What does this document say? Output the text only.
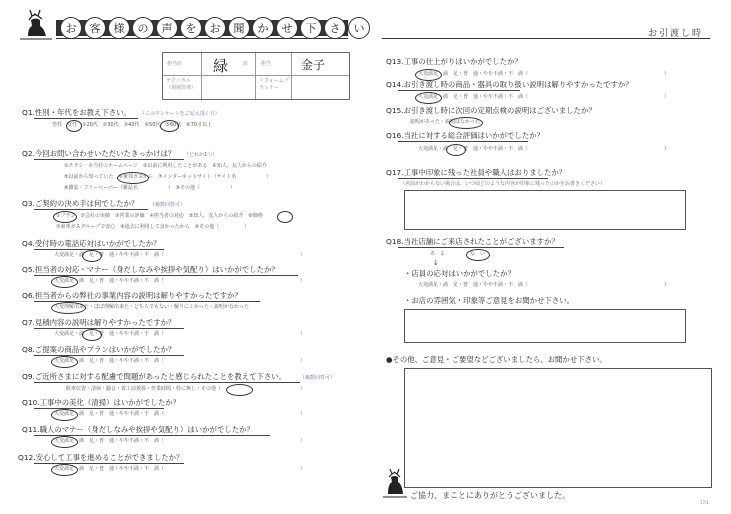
お	客	様	の	声	を	お	聞	か	せ	下	さ	い	お引渡し時
担当店 緑	店	担当 金子
テクニカル（現場管理）
リフォームプランナー
Q1.性別・年代をお教え下さい。 （このアンケートをご記入頂く方）
男性　女性　①20代　②30代　③40代　④50代　⑤60代　⑥70才以上
Q2.今回お問い合わせいただいたきっかけは？ （どれか1つ）
①チラシ　②当社のホームページ　③以前に利用したことがある　④知人、友人からの紹介
⑤以前から知っていた　⑥東邦ガスから　⑦インターネットサイト（サイト名　　　　　　）
⑧雑誌・フリーペーパー（雑誌名　　　　　　）　⑨その他（　　　　　　）
Q3.ご契約の決め手は何でしたか？ （複数回答可）
①プラン　②会社の実績　③営業の評価　④担当者の対応　⑤知人、友人からの紹介　⑥価格
⑦東邦ガスグループで安心　⑧過去に利用して良かったから　⑨その他（　　　　　）
Q4.受付時の電話応対はいかがでしたか？
大変満足・満　足・普　通・やや不満・不　満（	）
Q5.担当者の対応・マナー（身だしなみや挨拶や気配り）はいかがでしたか？
大変満足・満　足・普　通・やや不満・不　満（	）
Q6.担当者からの弊社の事業内容の説明は解りやすかったですか？
大変理解出来た・ほぼ理解出来た・どちらでもない・解りにくかった・説明がなかった
Q7.見積内容の説明は解りやすかったですか？
大変満足・満　足・普　通・やや不満・不　満（	）
Q8.ご提案の商品やプランはいかがでしたか？
大変満足・満　足・普　通・やや不満・不　満（	）
Q9.ご近所さまに対する配慮で問題があったと感じられたことを教えて下さい。	（複数回答可）
駐車位置・清掃・騒音・着工前挨拶・作業時間・特に無し・その他（	）
Q10.工事中の美化（清掃）はいかがでしたか？
大変満足・満　足・普　通・やや不満・不　満（	）
Q11.職人のマナー（身だしなみや挨拶や気配り）はいかがでしたか？
大変満足・満　足・普　通・やや不満・不　満（	）
Q12.安心して工事を進めることができましたか？
大変満足・満　足・普　通・やや不満・不　満（	）
Q13.工事の仕上がりはいかがでしたか？
大変満足・満　足・普　通・やや不満・不　満（	）
Q14.お引き渡し時の商品・器具の取り扱い説明は解りやすかったですか？
大変満足・満　足・普　通・やや不満・不　満（	）
Q15.お引き渡し時に次回の定期点検の説明はございましたか？
説明があった・説明はなかった
Q16.当社に対する総合評価はいかがでしたか？
大変満足・満　足・普　通・やや不満・不　満（	）
Q17.工事中印象に残った社員や職人はおりましたか？
（名前がわからない場合は、いつ頃どのような内容が印象に残ったのかをお書きください）
Q18.当社店舗にご来店されたことがございますか？
あ　る	な　い
↓
・店員の応対はいかがでしたか？
大変満足・満　足・普　通・やや不満・不　満（	）
・お店の雰囲気・印象等ご意見をお聞かせ下さい。
●その他、ご意見・ご要望などございましたら、お聞かせ下さい。
ご協力、まことにありがとうございました。
17/1
